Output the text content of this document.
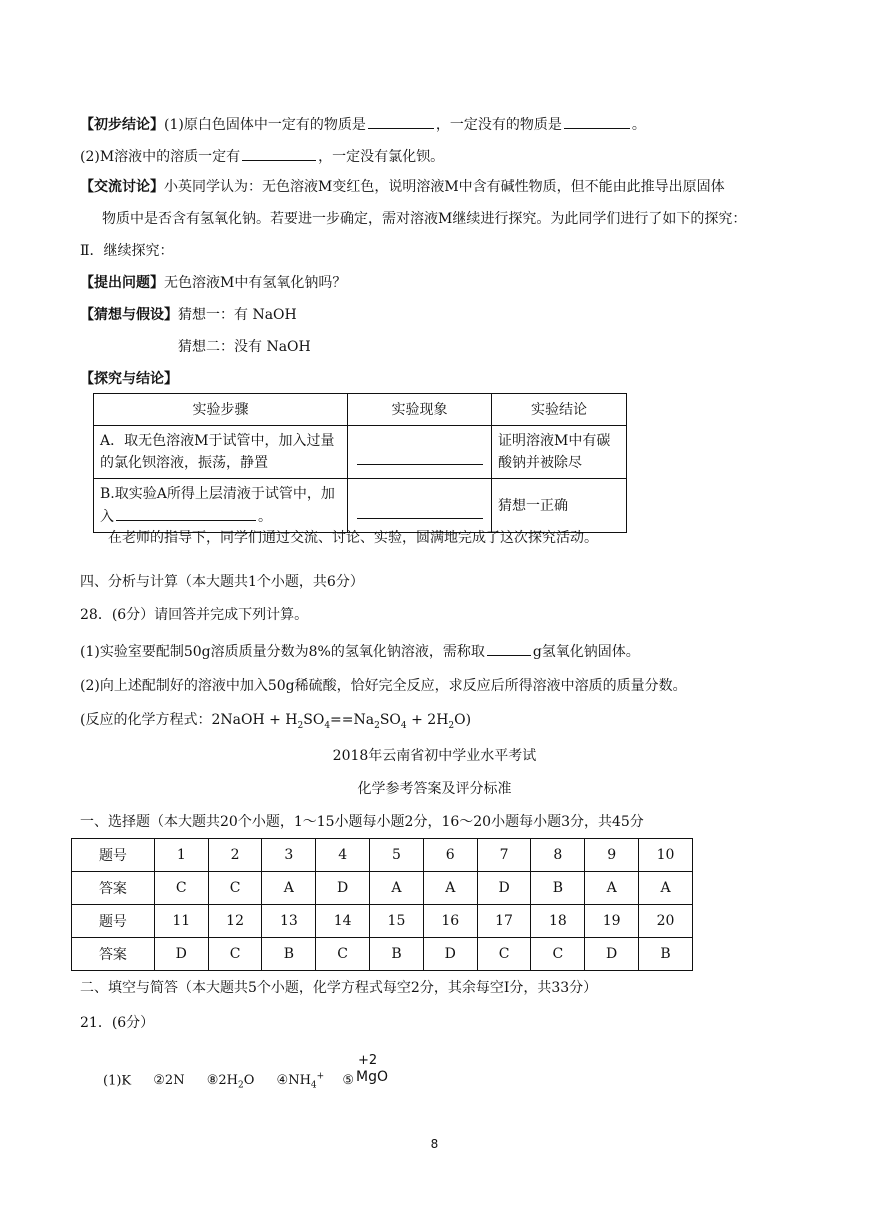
【初步结论】(1)原白色固体中一定有的物质是	，一定没有的物质是	。
(2)M溶液中的溶质一定有	，一定没有氯化钡。
【交流讨论】小英同学认为：无色溶液M变红色，说明溶液M中含有碱性物质，但不能由此推导出原固体
物质中是否含有氢氧化钠。若要进一步确定，需对溶液M继续进行探究。为此同学们进行了如下的探究：
Ⅱ．继续探究：
【提出问题】无色溶液M中有氢氧化钠吗？
【猜想与假设】猜想一：有 NaOH
猜想二：没有 NaOH
【探究与结论】
实验步骤	实验现象	实验结论
A．取无色溶液M于试管中，加入过量的氯化钡溶液，振荡，静置		证明溶液M中有碳酸钠并被除尽
B.取实验A所得上层清液于试管中，加入 。		猜想一正确
在老师的指导下，同学们通过交流、讨论、实验，圆满地完成了这次探究活动。
四、分析与计算（本大题共1个小题，共6分）
28．(6分）请回答并完成下列计算。
(1)实验室要配制50g溶质质量分数为8%的氢氧化钠溶液，需称取	g氢氧化钠固体。
(2)向上述配制好的溶液中加入50g稀硫酸，恰好完全反应，求反应后所得溶液中溶质的质量分数。
(反应的化学方程式：2NaOH + $H_2SO_4==Na_2SO_4 + 2H_2O$)
2018年云南省初中学业水平考试
化学参考答案及评分标准
一、选择题（本大题共20个小题，1～15小题每小题2分，16～20小题每小题3分，共45分
题号	1	2	3	4	5	6	7	8	9	10
答案	C	C	A	D	A	A	D	B	A	A
题号	11	12	13	14	15	16	17	18	19	20
答案	D	C	B	C	B	D	C	C	D	B
二、填空与简答（本大题共5个小题，化学方程式每空2分，其余每空I分，共33分）
21．(6分）
(1)K ②2N $⑧2H_2O$ $④NH_4^+$ ⑤
+2
MgO
8
